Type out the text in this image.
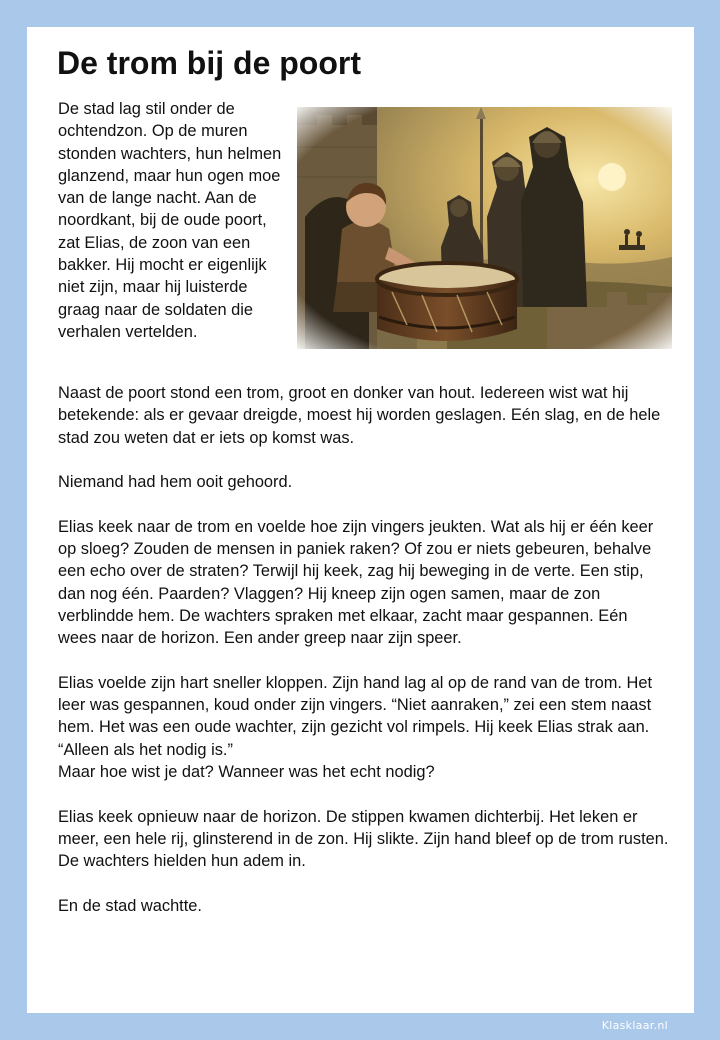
De trom bij de poort
De stad lag stil onder de ochtendzon. Op de muren stonden wachters, hun helmen glanzend, maar hun ogen moe van de lange nacht. Aan de noordkant, bij de oude poort, zat Elias, de zoon van een bakker. Hij mocht er eigenlijk niet zijn, maar hij luisterde graag naar de soldaten die verhalen vertelden.

Naast de poort stond een trom, groot en donker van hout. Iedereen wist wat hij betekende: als er gevaar dreigde, moest hij worden geslagen. Eén slag, en de hele stad zou weten dat er iets op komst was.

Niemand had hem ooit gehoord.

Elias keek naar de trom en voelde hoe zijn vingers jeukten. Wat als hij er één keer op sloeg? Zouden de mensen in paniek raken? Of zou er niets gebeuren, behalve een echo over de straten? Terwijl hij keek, zag hij beweging in de verte. Een stip, dan nog één. Paarden? Vlaggen? Hij kneep zijn ogen samen, maar de zon verblindde hem. De wachters spraken met elkaar, zacht maar gespannen. Eén wees naar de horizon. Een ander greep naar zijn speer.

Elias voelde zijn hart sneller kloppen. Zijn hand lag al op de rand van de trom. Het leer was gespannen, koud onder zijn vingers. “Niet aanraken,” zei een stem naast hem. Het was een oude wachter, zijn gezicht vol rimpels. Hij keek Elias strak aan. “Alleen als het nodig is.”

Maar hoe wist je dat? Wanneer was het echt nodig?

Elias keek opnieuw naar de horizon. De stippen kwamen dichterbij. Het leken er meer, een hele rij, glinsterend in de zon. Hij slikte. Zijn hand bleef op de trom rusten. De wachters hielden hun adem in.

En de stad wachtte.

Klasklaar.nl
